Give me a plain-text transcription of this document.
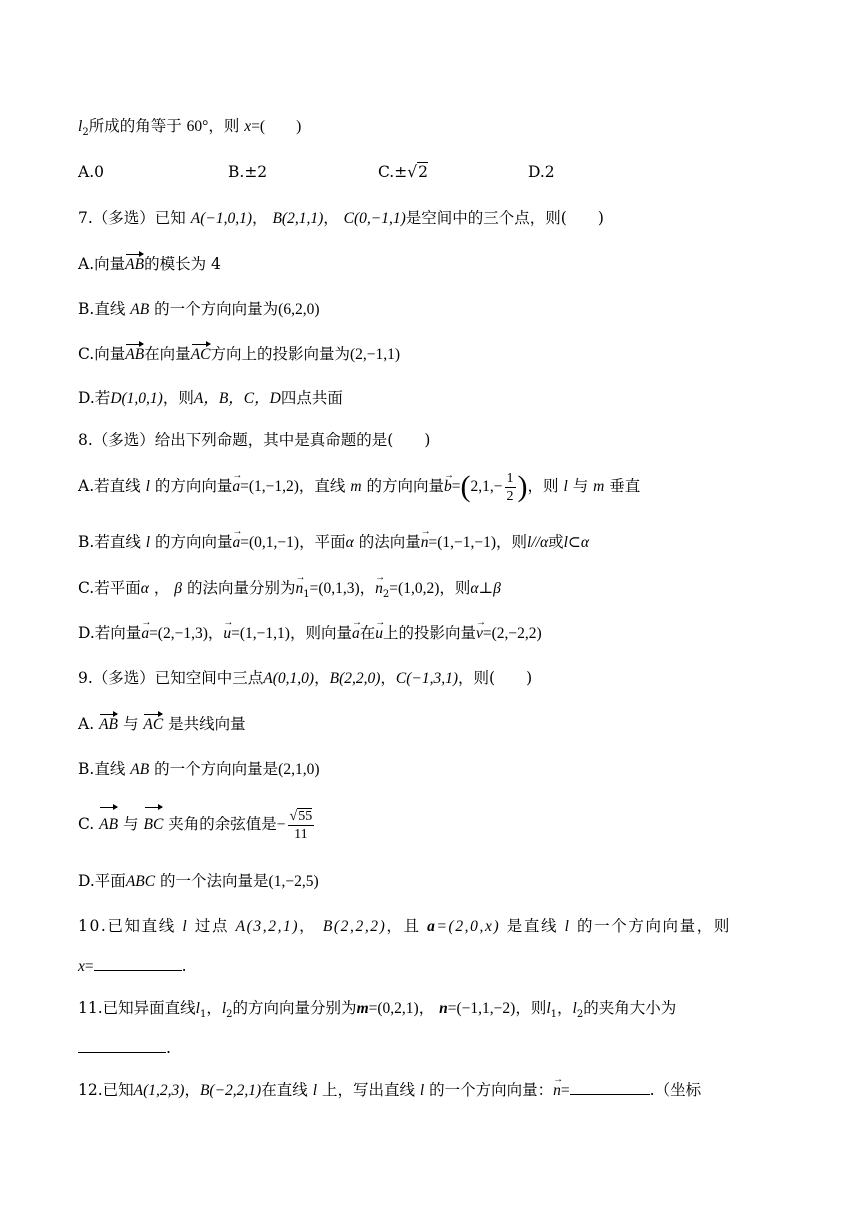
$l_2$所成的角等于 60°，则 x=(　　)
A.0	B.±2	C.±√2	D.2
7.（多选）已知 A(−1,0,1)， B(2,1,1)， C(0,−1,1)是空间中的三个点，则(　　)
A.向量AB的模长为 4
B.直线 AB 的一个方向向量为(6,2,0)
C.向量AB在向量AC方向上的投影向量为(2,−1,1)
D.若D(1,0,1)，则A，B，C，D四点共面
8.（多选）给出下列命题，其中是真命题的是(　　)
A.若直线 l 的方向向量a →=(1,−1,2)，直线 m 的方向向量$b \to=(2,1,- \frac{1}{2}$ )，则 l 与 m 垂直
B.若直线 l 的方向向量a →=(0,1,−1)，平面α 的法向量n →=(1,−1,−1)，则l//α或l⊂α
C.若平面α ， β 的法向量分别为$n \to_1=(0,1,3)$，$n \to_2=(1,0,2)$，则α⊥β
D.若向量a →=(2,−1,3)，u →=(1,−1,1)，则向量a →在u →上的投影向量v →=(2,−2,2)
9.（多选）已知空间中三点A(0,1,0)，B(2,2,0)，C(−1,3,1)，则(　　)
A. AB 与 AC 是共线向量
B.直线 AB 的一个方向向量是(2,1,0)
C. AB 与 BC 夹角的余弦值是− $\frac{√55}{11}$
D.平面ABC 的一个法向量是(1,−2,5)
10.已知直线 l 过点 A(3,2,1)， B(2,2,2)，且 a=(2,0,x) 是直线 l 的一个方向向量，则
x=	.
11.已知异面直线$l_1$，$l_2$的方向向量分别为m=(0,2,1)， n=(−1,1,−2)，则$l_1$，$l_2$的夹角大小为
.
12.已知A(1,2,3)，B(−2,2,1)在直线 l 上，写出直线 l 的一个方向向量：n →=	.（坐标
